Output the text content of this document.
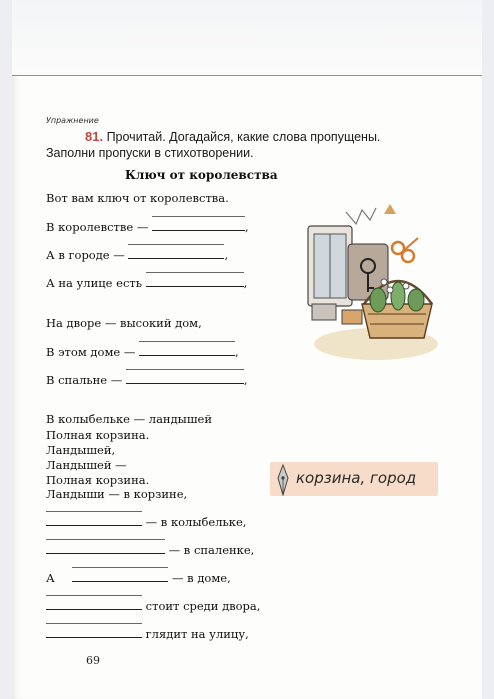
Упражнение
81. Прочитай. Догадайся, какие слова пропущены.
Заполни пропуски в стихотворении.
Ключ от королевства
Вот вам ключ от королевства.
В королевстве —	,
А в городе —	,
А на улице есть	,
На дворе — высокий дом,
В этом доме —	,
В спальне —	,
В колыбельке — ландышей
Полная корзина.
Ландышей,
Ландышей —
Полная корзина.
Ландыши — в корзине,
— в колыбельке,
— в спаленке,
А	— в доме,
стоит среди двора,
глядит на улицу,
корзина, город
69
